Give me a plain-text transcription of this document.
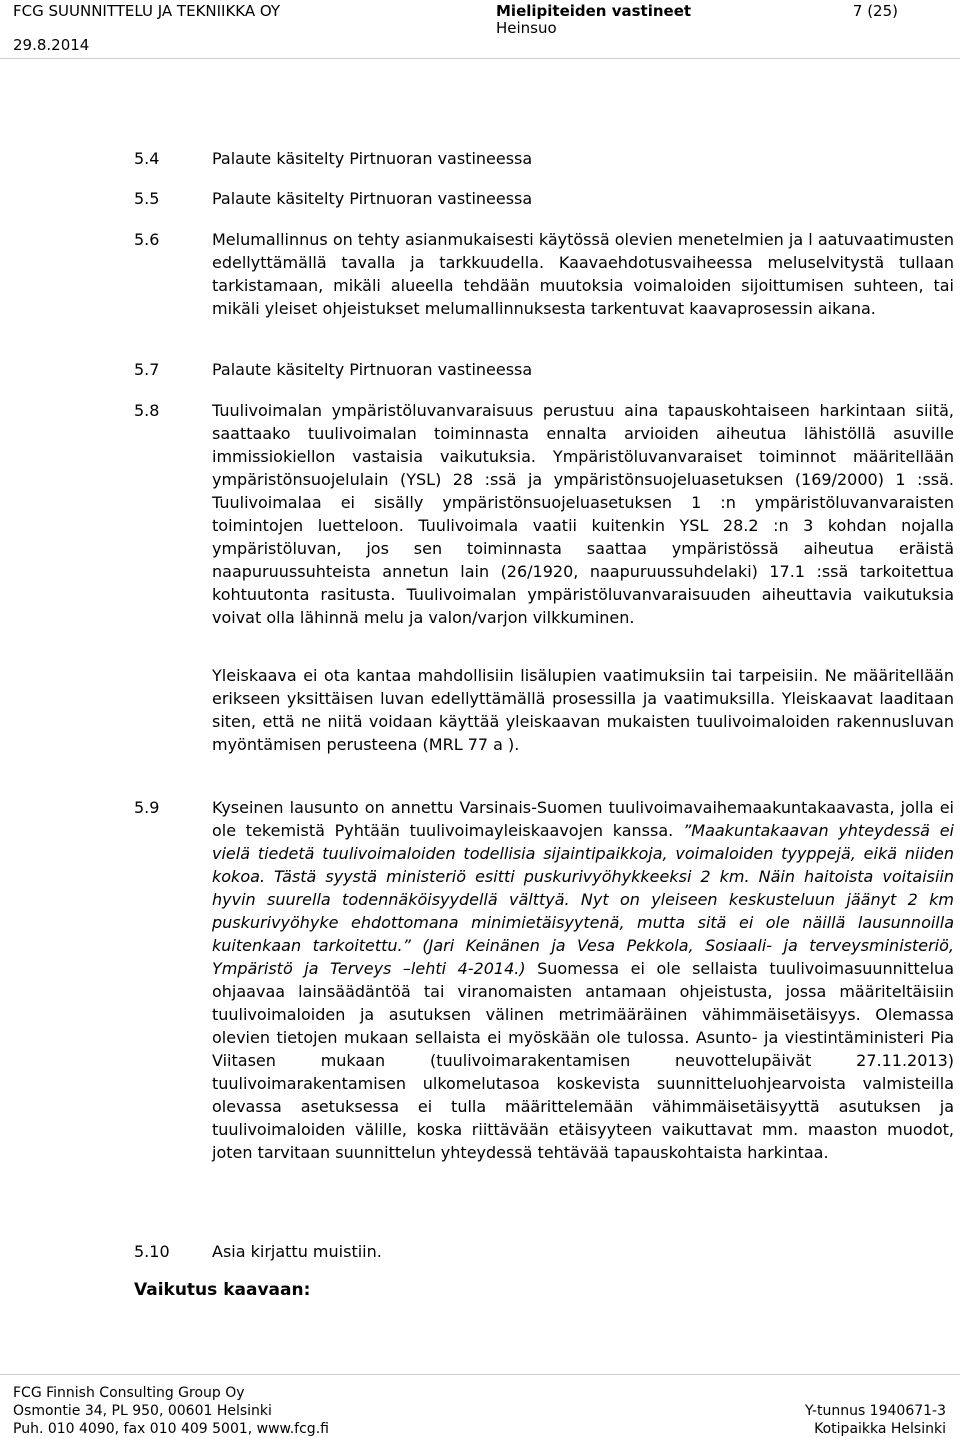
FCG SUUNNITTELU JA TEKNIIKKA OY
29.8.2014
Mielipiteiden vastineet
Heinsuo
7 (25)
5.4	Palaute käsitelty Pirtnuoran vastineessa
5.5	Palaute käsitelty Pirtnuoran vastineessa
5.6	Melumallinnus on tehty asianmukaisesti käytössä olevien menetelmien ja l aatuvaatimusten edellyttämällä tavalla ja tarkkuudella. Kaavaehdotusvaiheessa meluselvitystä tullaan tarkistamaan, mikäli alueella tehdään muutoksia voimaloiden sijoittumisen suhteen, tai mikäli yleiset ohjeistukset melumallinnuksesta tarkentuvat kaavaprosessin aikana.
5.7	Palaute käsitelty Pirtnuoran vastineessa
5.8	Tuulivoimalan ympäristöluvanvaraisuus perustuu aina tapauskohtaiseen harkintaan siitä, saattaako tuulivoimalan toiminnasta ennalta arvioiden aiheutua lähistöllä asuville immissiokiellon vastaisia vaikutuksia. Ympäristöluvanvaraiset toiminnot määritellään ympäristönsuojelulain (YSL) 28 :ssä ja ympäristönsuojeluasetuksen (169/2000) 1 :ssä. Tuulivoimalaa ei sisälly ympäristönsuojeluasetuksen 1 :n ympäristöluvanvaraisten toimintojen luetteloon. Tuulivoimala vaatii kuitenkin YSL 28.2 :n 3 kohdan nojalla ympäristöluvan, jos sen toiminnasta saattaa ympäristössä aiheutua eräistä naapuruussuhteista annetun lain (26/1920, naapuruussuhdelaki) 17.1 :ssä tarkoitettua kohtuutonta rasitusta. Tuulivoimalan ympäristöluvanvaraisuuden aiheuttavia vaikutuksia voivat olla lähinnä melu ja valon/varjon vilkkuminen.
Yleiskaava ei ota kantaa mahdollisiin lisälupien vaatimuksiin tai tarpeisiin. Ne määritellään erikseen yksittäisen luvan edellyttämällä prosessilla ja vaatimuksilla. Yleiskaavat laaditaan siten, että ne niitä voidaan käyttää yleiskaavan mukaisten tuulivoimaloiden rakennusluvan myöntämisen perusteena (MRL 77 a ).
5.9	Kyseinen lausunto on annettu Varsinais-Suomen tuulivoimavaihemaakuntakaavasta, jolla ei ole tekemistä Pyhtään tuulivoimayleiskaavojen kanssa. ”Maakuntakaavan yhteydessä ei vielä tiedetä tuulivoimaloiden todellisia sijaintipaikkoja, voimaloiden tyyppejä, eikä niiden kokoa. Tästä syystä ministeriö esitti puskurivyöhykkeeksi 2 km. Näin haitoista voitaisiin hyvin suurella todennäköisyydellä välttyä. Nyt on yleiseen keskusteluun jäänyt 2 km puskurivyöhyke ehdottomana minimietäisyytenä, mutta sitä ei ole näillä lausunnoilla kuitenkaan tarkoitettu.” (Jari Keinänen ja Vesa Pekkola, Sosiaali- ja terveysministeriö, Ympäristö ja Terveys –lehti 4-2014.) Suomessa ei ole sellaista tuulivoimasuunnittelua ohjaavaa lainsäädäntöä tai viranomaisten antamaan ohjeistusta, jossa määriteltäisiin tuulivoimaloiden ja asutuksen välinen metrimääräinen vähimmäisetäisyys. Olemassa olevien tietojen mukaan sellaista ei myöskään ole tulossa. Asunto- ja viestintäministeri Pia Viitasen mukaan (tuulivoimarakentamisen neuvottelupäivät 27.11.2013) tuulivoimarakentamisen ulkomelutasoa koskevista suunnitteluohjearvoista valmisteilla olevassa asetuksessa ei tulla määrittelemään vähimmäisetäisyyttä asutuksen ja tuulivoimaloiden välille, koska riittävään etäisyyteen vaikuttavat mm. maaston muodot, joten tarvitaan suunnittelun yhteydessä tehtävää tapauskohtaista harkintaa.
5.10	Asia kirjattu muistiin.
Vaikutus kaavaan:
FCG Finnish Consulting Group Oy
Osmontie 34, PL 950, 00601 Helsinki
Puh. 010 4090, fax 010 409 5001, www.fcg.fi
Y-tunnus 1940671-3
Kotipaikka Helsinki
